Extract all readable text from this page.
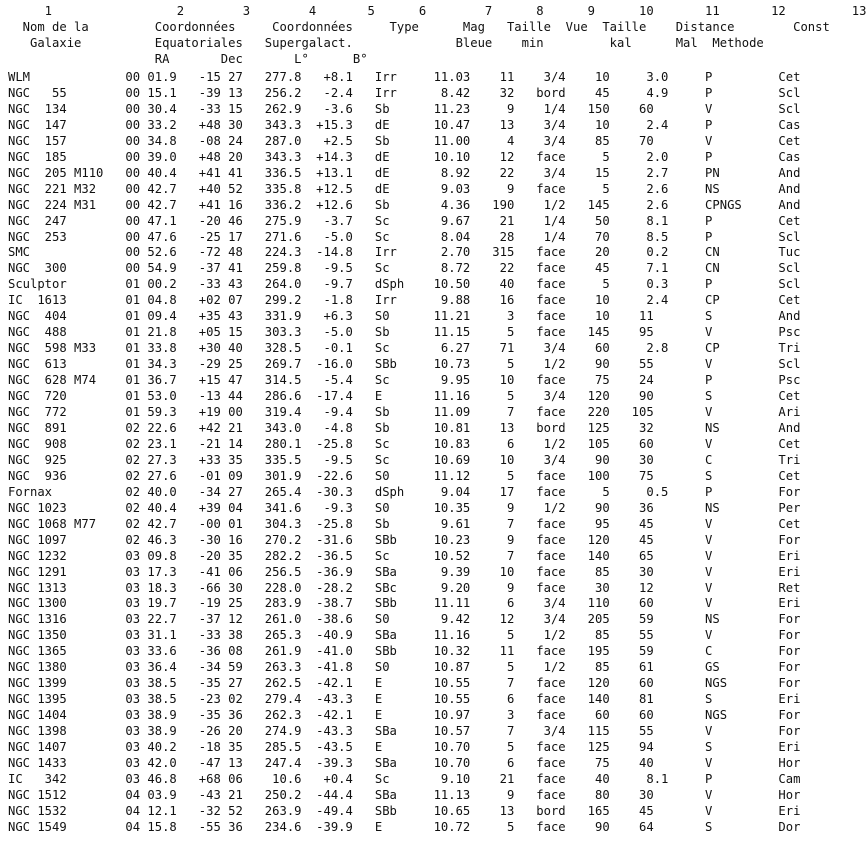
1                 2        3        4       5      6        7      8      9      10       11       12         13
Nom de la         Coordonnées     Coordonnées     Type      Mag   Taille  Vue  Taille    Distance        Const
Galaxie          Equatoriales   Supergalact.              Bleue    min         kal      Mal  Methode
RA       Dec       L°      B°
WLM             00 01.9   -15 27   277.8   +8.1   Irr     11.03    11    3/4    10     3.0     P         Cet
NGC   55        00 15.1   -39 13   256.2   -2.4   Irr      8.42    32   bord    45     4.9     P         Scl
NGC  134        00 30.4   -33 15   262.9   -3.6   Sb      11.23     9    1/4   150    60       V         Scl
NGC  147        00 33.2   +48 30   343.3  +15.3   dE      10.47    13    3/4    10     2.4     P         Cas
NGC  157        00 34.8   -08 24   287.0   +2.5   Sb      11.00     4    3/4    85    70       V         Cet
NGC  185        00 39.0   +48 20   343.3  +14.3   dE      10.10    12   face     5     2.0     P         Cas
NGC  205 M110   00 40.4   +41 41   336.5  +13.1   dE       8.92    22    3/4    15     2.7     PN        And
NGC  221 M32    00 42.7   +40 52   335.8  +12.5   dE       9.03     9   face     5     2.6     NS        And
NGC  224 M31    00 42.7   +41 16   336.2  +12.6   Sb       4.36   190    1/2   145     2.6     CPNGS     And
NGC  247        00 47.1   -20 46   275.9   -3.7   Sc       9.67    21    1/4    50     8.1     P         Cet
NGC  253        00 47.6   -25 17   271.6   -5.0   Sc       8.04    28    1/4    70     8.5     P         Scl
SMC             00 52.6   -72 48   224.3  -14.8   Irr      2.70   315   face    20     0.2     CN        Tuc
NGC  300        00 54.9   -37 41   259.8   -9.5   Sc       8.72    22   face    45     7.1     CN        Scl
Sculptor        01 00.2   -33 43   264.0   -9.7   dSph    10.50    40   face     5     0.3     P         Scl
IC  1613        01 04.8   +02 07   299.2   -1.8   Irr      9.88    16   face    10     2.4     CP        Cet
NGC  404        01 09.4   +35 43   331.9   +6.3   S0      11.21     3   face    10    11       S         And
NGC  488        01 21.8   +05 15   303.3   -5.0   Sb      11.15     5   face   145    95       V         Psc
NGC  598 M33    01 33.8   +30 40   328.5   -0.1   Sc       6.27    71    3/4    60     2.8     CP        Tri
NGC  613        01 34.3   -29 25   269.7  -16.0   SBb     10.73     5    1/2    90    55       V         Scl
NGC  628 M74    01 36.7   +15 47   314.5   -5.4   Sc       9.95    10   face    75    24       P         Psc
NGC  720        01 53.0   -13 44   286.6  -17.4   E       11.16     5    3/4   120    90       S         Cet
NGC  772        01 59.3   +19 00   319.4   -9.4   Sb      11.09     7   face   220   105       V         Ari
NGC  891        02 22.6   +42 21   343.0   -4.8   Sb      10.81    13   bord   125    32       NS        And
NGC  908        02 23.1   -21 14   280.1  -25.8   Sc      10.83     6    1/2   105    60       V         Cet
NGC  925        02 27.3   +33 35   335.5   -9.5   Sc      10.69    10    3/4    90    30       C         Tri
NGC  936        02 27.6   -01 09   301.9  -22.6   S0      11.12     5   face   100    75       S         Cet
Fornax          02 40.0   -34 27   265.4  -30.3   dSph     9.04    17   face     5     0.5     P         For
NGC 1023        02 40.4   +39 04   341.6   -9.3   S0      10.35     9    1/2    90    36       NS        Per
NGC 1068 M77    02 42.7   -00 01   304.3  -25.8   Sb       9.61     7   face    95    45       V         Cet
NGC 1097        02 46.3   -30 16   270.2  -31.6   SBb     10.23     9   face   120    45       V         For
NGC 1232        03 09.8   -20 35   282.2  -36.5   Sc      10.52     7   face   140    65       V         Eri
NGC 1291        03 17.3   -41 06   256.5  -36.9   SBa      9.39    10   face    85    30       V         Eri
NGC 1313        03 18.3   -66 30   228.0  -28.2   SBc      9.20     9   face    30    12       V         Ret
NGC 1300        03 19.7   -19 25   283.9  -38.7   SBb     11.11     6    3/4   110    60       V         Eri
NGC 1316        03 22.7   -37 12   261.0  -38.6   S0       9.42    12    3/4   205    59       NS        For
NGC 1350        03 31.1   -33 38   265.3  -40.9   SBa     11.16     5    1/2    85    55       V         For
NGC 1365        03 33.6   -36 08   261.9  -41.0   SBb     10.32    11   face   195    59       C         For
NGC 1380        03 36.4   -34 59   263.3  -41.8   S0      10.87     5    1/2    85    61       GS        For
NGC 1399        03 38.5   -35 27   262.5  -42.1   E       10.55     7   face   120    60       NGS       For
NGC 1395        03 38.5   -23 02   279.4  -43.3   E       10.55     6   face   140    81       S         Eri
NGC 1404        03 38.9   -35 36   262.3  -42.1   E       10.97     3   face    60    60       NGS       For
NGC 1398        03 38.9   -26 20   274.9  -43.3   SBa     10.57     7    3/4   115    55       V         For
NGC 1407        03 40.2   -18 35   285.5  -43.5   E       10.70     5   face   125    94       S         Eri
NGC 1433        03 42.0   -47 13   247.4  -39.3   SBa     10.70     6   face    75    40       V         Hor
IC   342        03 46.8   +68 06    10.6   +0.4   Sc       9.10    21   face    40     8.1     P         Cam
NGC 1512        04 03.9   -43 21   250.2  -44.4   SBa     11.13     9   face    80    30       V         Hor
NGC 1532        04 12.1   -32 52   263.9  -49.4   SBb     10.65    13   bord   165    45       V         Eri
NGC 1549        04 15.8   -55 36   234.6  -39.9   E       10.72     5   face    90    64       S         Dor
